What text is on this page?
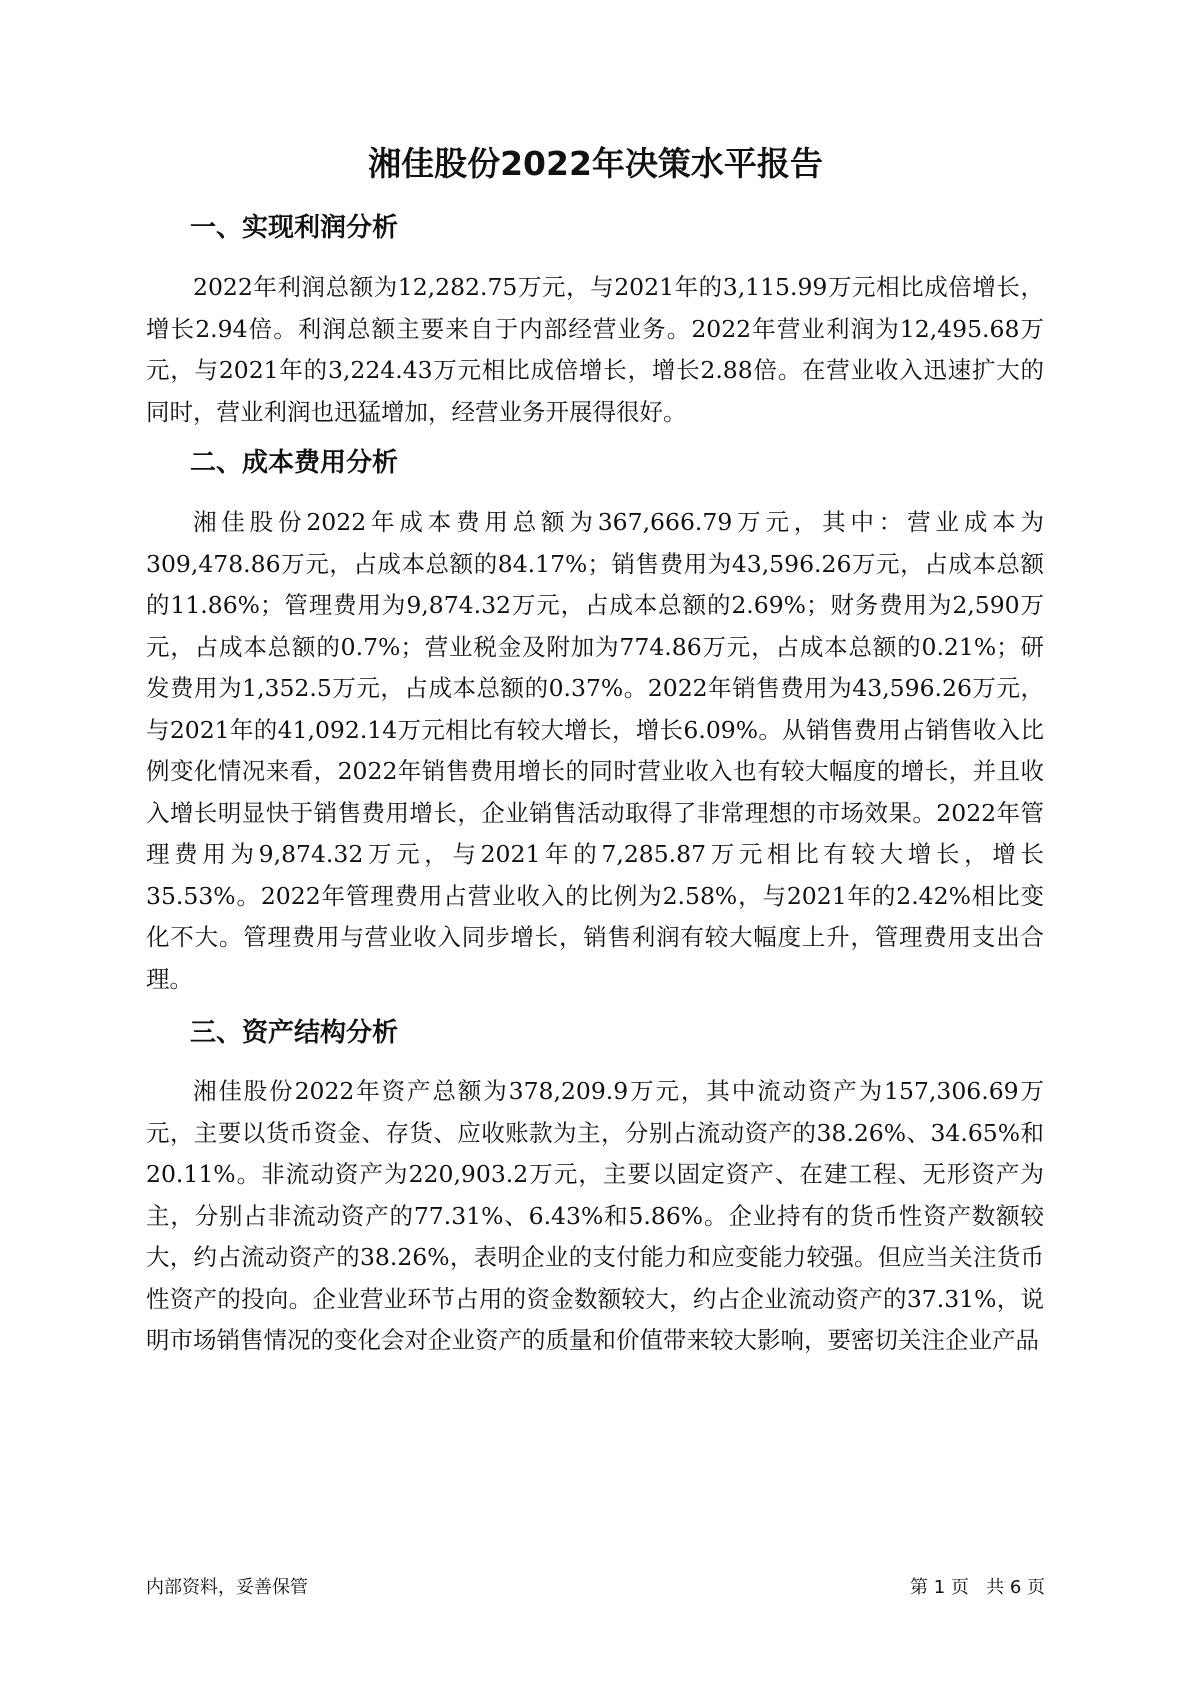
湘佳股份2022年决策水平报告
一、实现利润分析

2022年利润总额为12,282.75万元，与2021年的3,115.99万元相比成倍增长，增长2.94倍。利润总额主要来自于内部经营业务。2022年营业利润为12,495.68万元，与2021年的3,224.43万元相比成倍增长，增长2.88倍。在营业收入迅速扩大的同时，营业利润也迅猛增加，经营业务开展得很好。

二、成本费用分析

湘佳股份2022年成本费用总额为367,666.79万元，其中：营业成本为309,478.86万元，占成本总额的84.17%；销售费用为43,596.26万元，占成本总额的11.86%；管理费用为9,874.32万元，占成本总额的2.69%；财务费用为2,590万元，占成本总额的0.7%；营业税金及附加为774.86万元，占成本总额的0.21%；研发费用为1,352.5万元，占成本总额的0.37%。2022年销售费用为43,596.26万元，与2021年的41,092.14万元相比有较大增长，增长6.09%。从销售费用占销售收入比例变化情况来看，2022年销售费用增长的同时营业收入也有较大幅度的增长，并且收入增长明显快于销售费用增长，企业销售活动取得了非常理想的市场效果。2022年管理费用为9,874.32万元，与2021年的7,285.87万元相比有较大增长，增长35.53%。2022年管理费用占营业收入的比例为2.58%，与2021年的2.42%相比变化不大。管理费用与营业收入同步增长，销售利润有较大幅度上升，管理费用支出合理。

三、资产结构分析

湘佳股份2022年资产总额为378,209.9万元，其中流动资产为157,306.69万元，主要以货币资金、存货、应收账款为主，分别占流动资产的38.26%、34.65%和20.11%。非流动资产为220,903.2万元，主要以固定资产、在建工程、无形资产为主，分别占非流动资产的77.31%、6.43%和5.86%。企业持有的货币性资产数额较大，约占流动资产的38.26%，表明企业的支付能力和应变能力较强。但应当关注货币性资产的投向。企业营业环节占用的资金数额较大，约占企业流动资产的37.31%，说明市场销售情况的变化会对企业资产的质量和价值带来较大影响，要密切关注企业产品

内部资料，妥善保管	第 1 页   共 6 页
